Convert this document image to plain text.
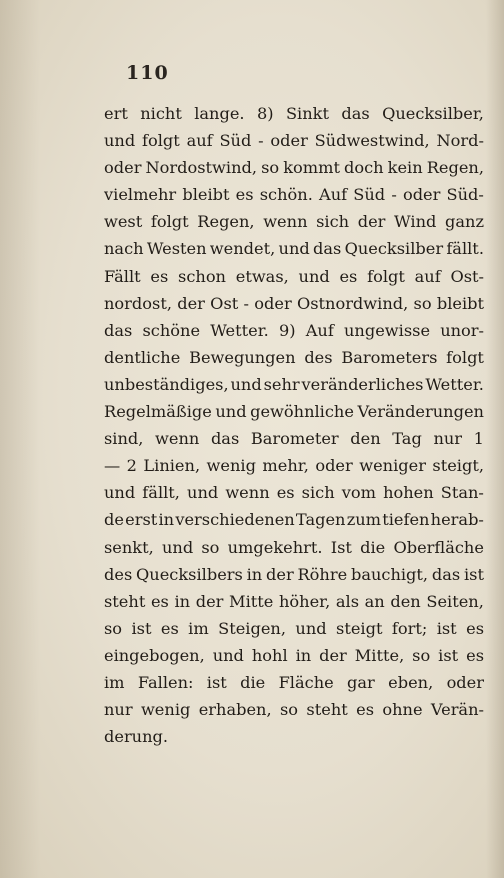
110
ert nicht lange. 8) Sinkt das Quecksilber,
und folgt auf Süd - oder Südwestwind, Nord-
oder Nordostwind, so kommt doch kein Regen,
vielmehr bleibt es schön. Auf Süd - oder Süd-
west folgt Regen, wenn sich der Wind ganz
nach Westen wendet, und das Quecksilber fällt.
Fällt es schon etwas, und es folgt auf Ost-
nordost, der Ost - oder Ostnordwind, so bleibt
das schöne Wetter. 9) Auf ungewisse unor-
dentliche Bewegungen des Barometers folgt
unbeständiges, und sehr veränderliches Wetter.
Regelmäßige und gewöhnliche Veränderungen
sind, wenn das Barometer den Tag nur 1
— 2 Linien, wenig mehr, oder weniger steigt,
und fällt, und wenn es sich vom hohen Stan-
de erst in verschiedenen Tagen zum tiefen herab-
senkt, und so umgekehrt. Ist die Oberfläche
des Quecksilbers in der Röhre bauchigt, das ist
steht es in der Mitte höher, als an den Seiten,
so ist es im Steigen, und steigt fort; ist es
eingebogen, und hohl in der Mitte, so ist es
im Fallen: ist die Fläche gar eben, oder
nur wenig erhaben, so steht es ohne Verän-
derung.
